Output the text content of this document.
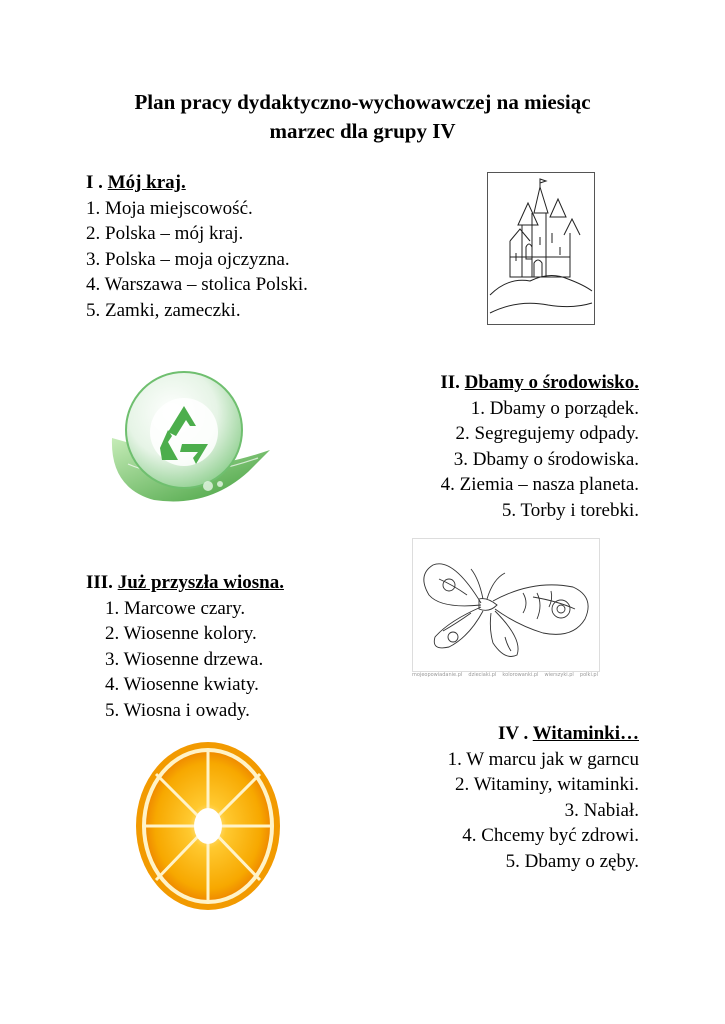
Plan pracy dydaktyczno-wychowawczej na miesiąc
marzec dla grupy IV
I . Mój kraj.
1. Moja miejscowość.
2. Polska – mój kraj.
3. Polska – moja ojczyzna.
4. Warszawa – stolica Polski.
5. Zamki, zameczki.
II. Dbamy o środowisko.
1. Dbamy o porządek.
2. Segregujemy odpady.
3. Dbamy o środowiska.
4. Ziemia – nasza planeta.
5. Torby i torebki.
III. Już przyszła wiosna.
1. Marcowe czary.
2. Wiosenne kolory.
3. Wiosenne drzewa.
4. Wiosenne kwiaty.
5. Wiosna i owady.
IV . Witaminki…
1. W marcu jak w garncu
2. Witaminy, witaminki.
3. Nabiał.
4. Chcemy być zdrowi.
5. Dbamy o zęby.
mojeopowiadanie.pl dzieciaki.pl kolorowanki.pl wierszyki.pl polki.pl
